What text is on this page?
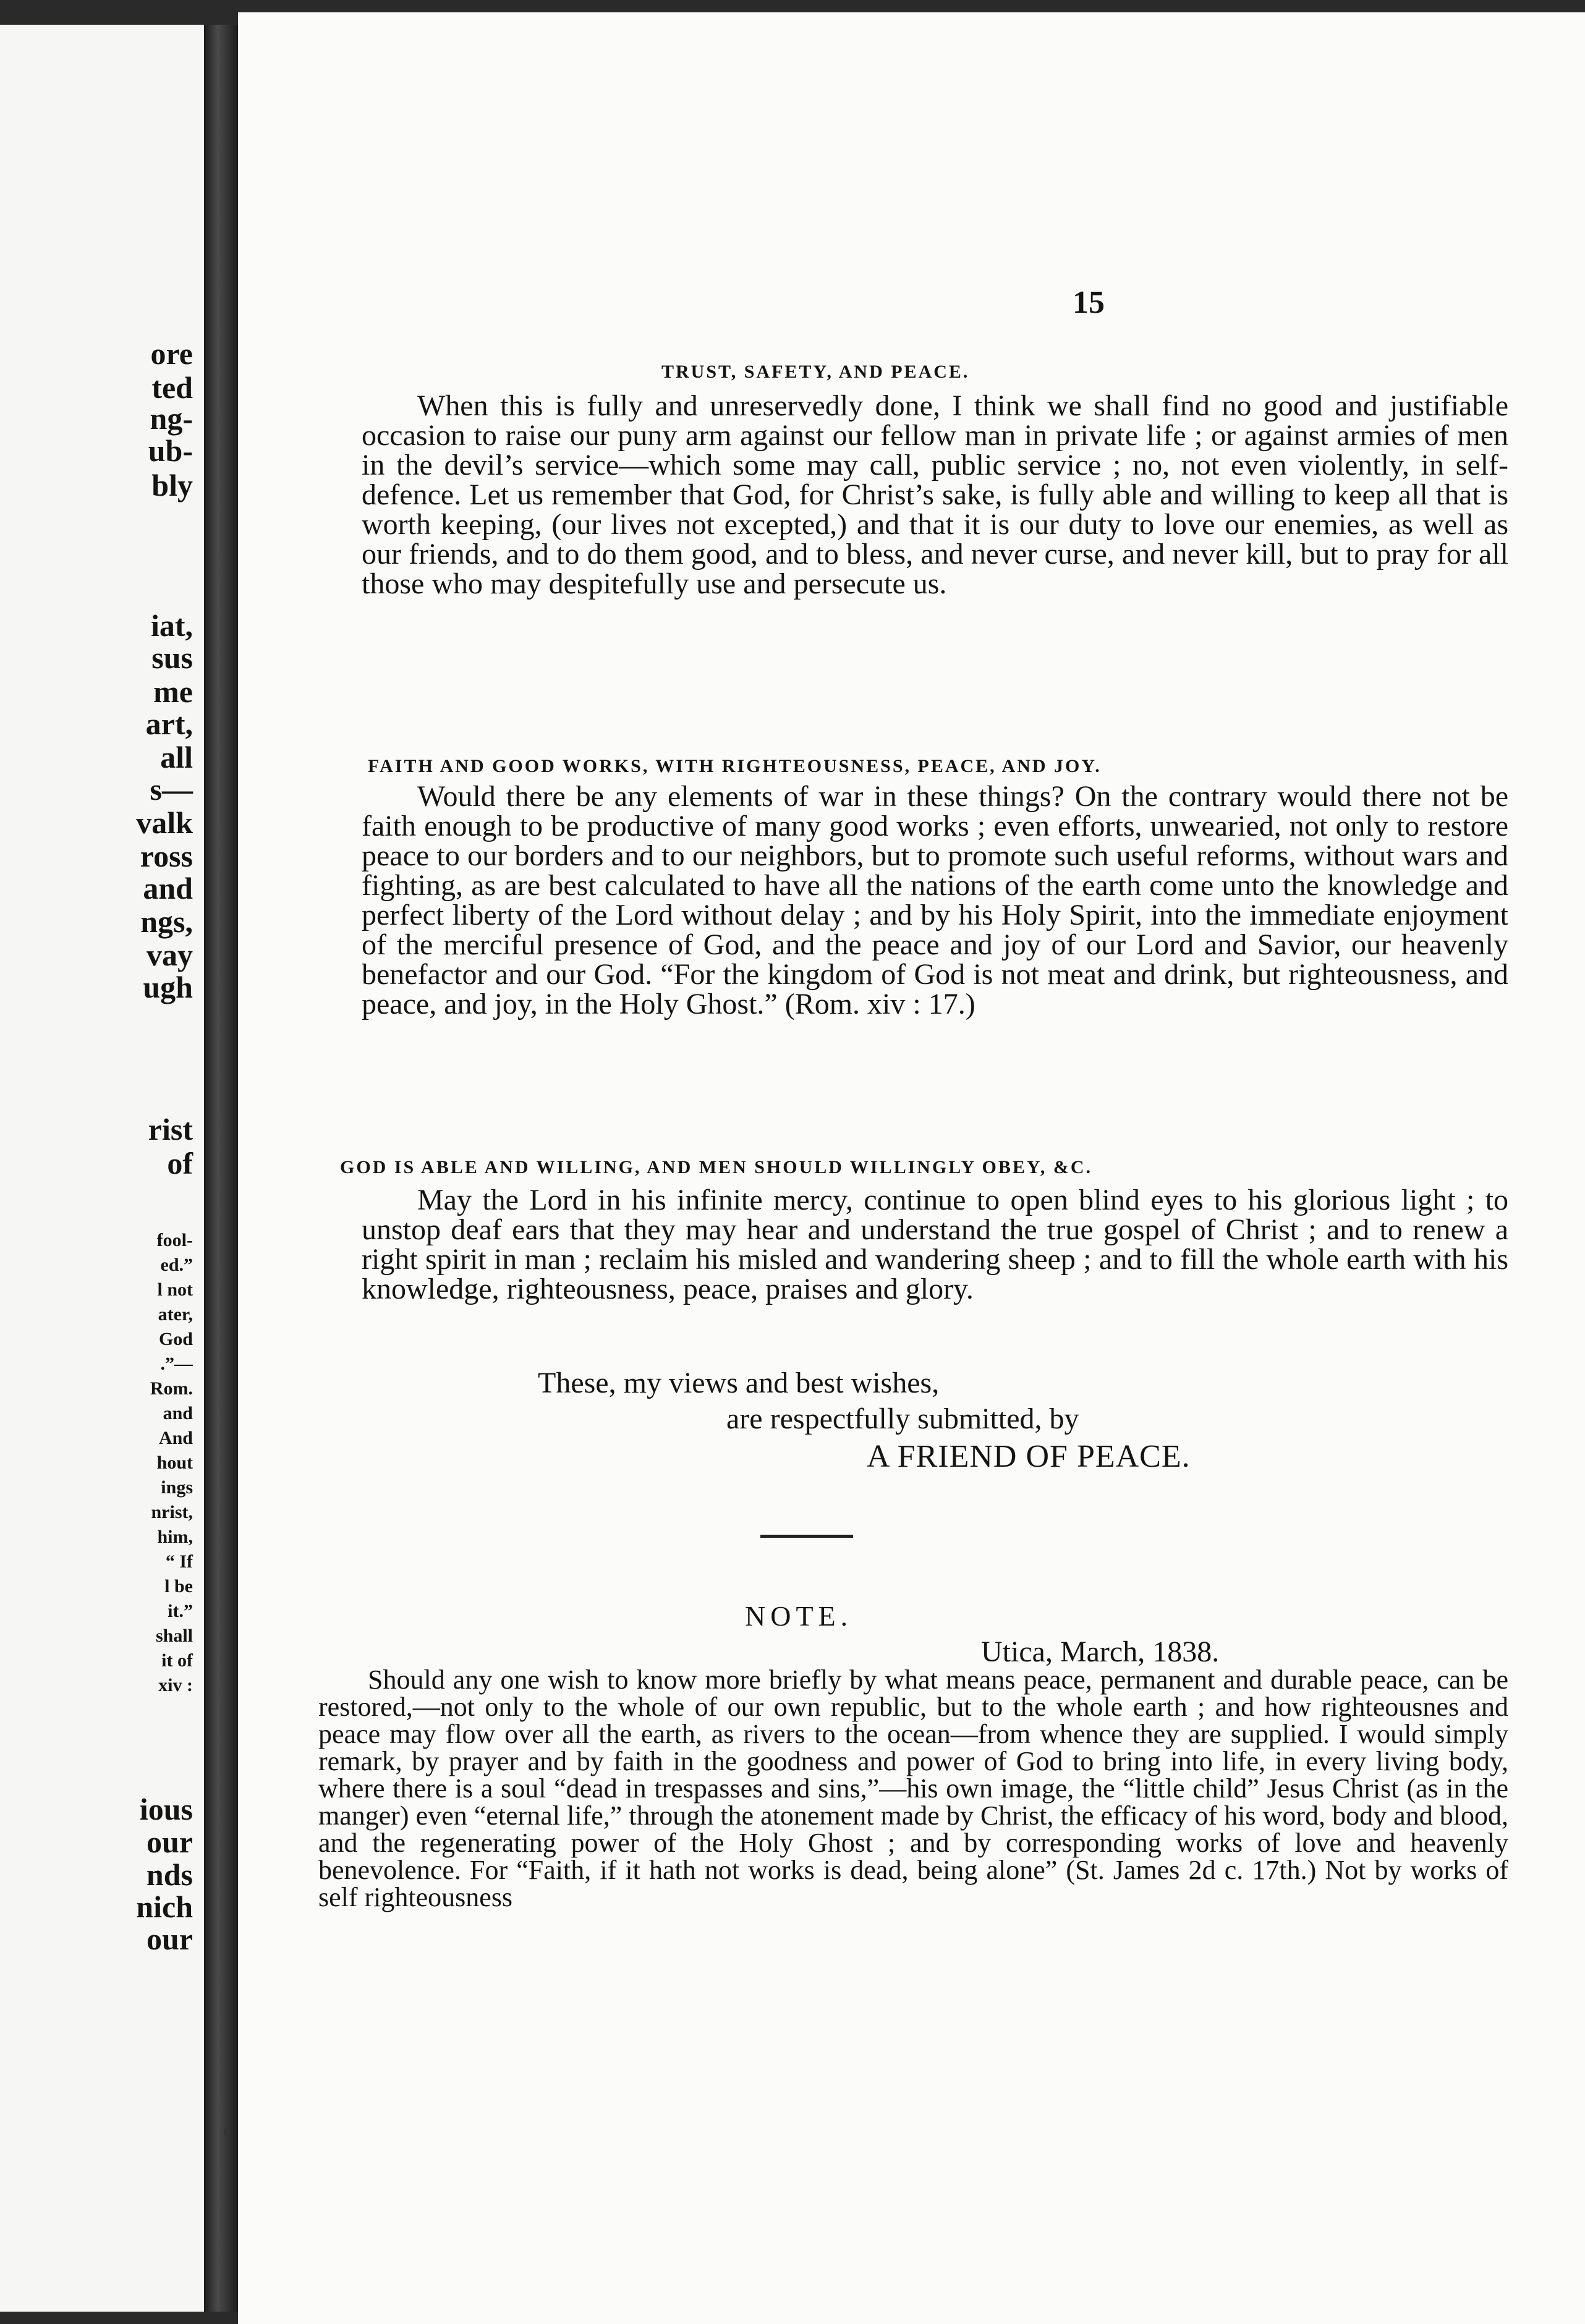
ore
ted
ng-
ub-
bly
iat,
sus
me
art,
all
s—
valk
ross
and
ngs,
vay
ugh
rist
of
fool-
ed.”
l not
ater,
God
.”—
Rom.
and
And
hout
ings
nrist,
him,
“ If
l be
it.”
shall
it of
xiv :
ious
our
nds
nich
our
15
TRUST, SAFETY, AND PEACE.

When this is fully and unreservedly done, I think we shall find no good and justifiable occasion to raise our puny arm against our fellow man in private life ; or against armies of men in the devil’s service—which some may call, public service ; no, not even violently, in self-defence. Let us remember that God, for Christ’s sake, is fully able and willing to keep all that is worth keeping, (our lives not excepted,) and that it is our duty to love our enemies, as well as our friends, and to do them good, and to bless, and never curse, and never kill, but to pray for all those who may despitefully use and persecute us.

FAITH AND GOOD WORKS, WITH RIGHTEOUSNESS, PEACE, AND JOY.

Would there be any elements of war in these things? On the contrary would there not be faith enough to be productive of many good works ; even efforts, unwearied, not only to restore peace to our borders and to our neighbors, but to promote such useful reforms, without wars and fighting, as are best calculated to have all the nations of the earth come unto the knowledge and perfect liberty of the Lord without delay ; and by his Holy Spirit, into the immediate enjoyment of the merciful presence of God, and the peace and joy of our Lord and Savior, our heavenly benefactor and our God. “For the kingdom of God is not meat and drink, but righteousness, and peace, and joy, in the Holy Ghost.” (Rom. xiv : 17.)

GOD IS ABLE AND WILLING, AND MEN SHOULD WILLINGLY OBEY, &C.

May the Lord in his infinite mercy, continue to open blind eyes to his glorious light ; to unstop deaf ears that they may hear and understand the true gospel of Christ ; and to renew a right spirit in man ; reclaim his misled and wandering sheep ; and to fill the whole earth with his knowledge, righteousness, peace, praises and glory.

These, my views and best wishes,
are respectfully submitted, by
A FRIEND OF PEACE.
NOTE.
Utica, March, 1838.

Should any one wish to know more briefly by what means peace, permanent and durable peace, can be restored,—not only to the whole of our own republic, but to the whole earth ; and how righteousnes and peace may flow over all the earth, as rivers to the ocean—from whence they are supplied. I would simply remark, by prayer and by faith in the goodness and power of God to bring into life, in every living body, where there is a soul “dead in trespasses and sins,”—his own image, the “little child” Jesus Christ (as in the manger) even “eternal life,” through the atonement made by Christ, the efficacy of his word, body and blood, and the regenerating power of the Holy Ghost ; and by corresponding works of love and heavenly benevolence. For “Faith, if it hath not works is dead, being alone” (St. James 2d c. 17th.) Not by works of self righteousness
